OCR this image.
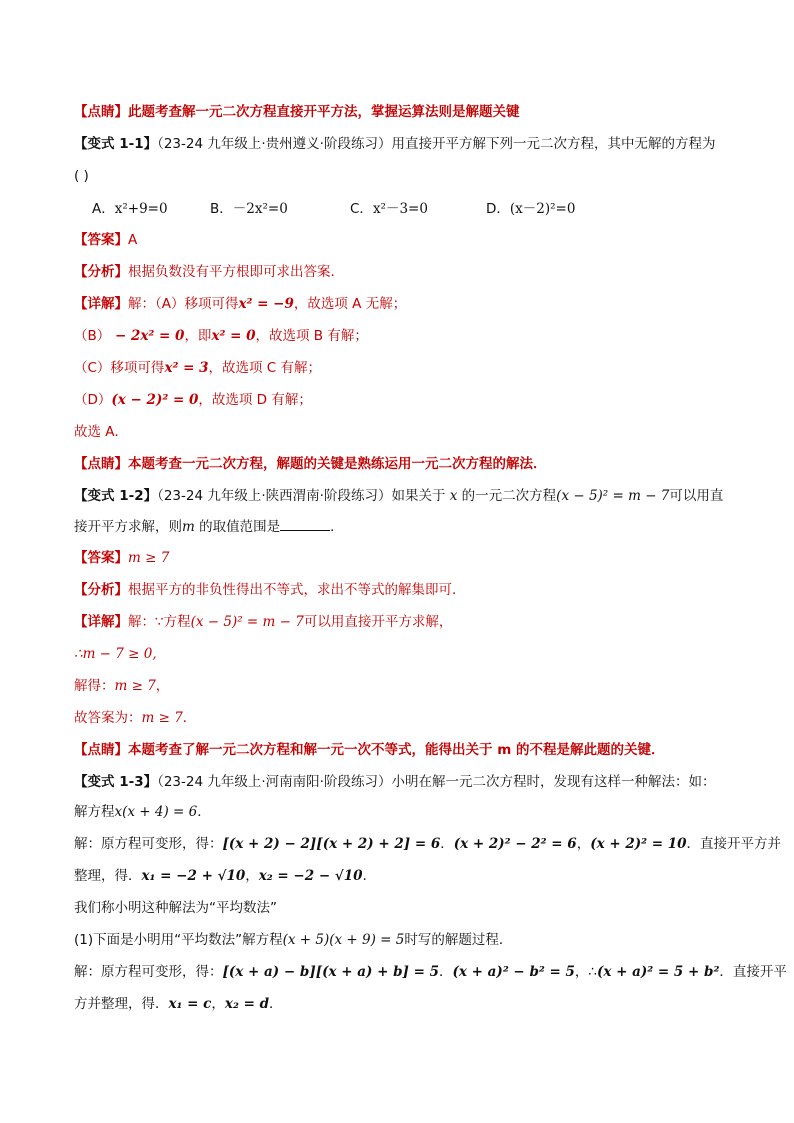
【点睛】此题考查解一元二次方程直接开平方法，掌握运算法则是解题关键
【变式 1-1】（23-24 九年级上·贵州遵义·阶段练习）用直接开平方解下列一元二次方程，其中无解的方程为
( )
A．x²+9=0	B．－2x²=0	C．x²－3=0	D．(x－2)²=0
【答案】A
【分析】根据负数没有平方根即可求出答案．
【详解】解：（A）移项可得x² = −9，故选项 A 无解；
（B） − 2x² = 0，即x² = 0，故选项 B 有解；
（C）移项可得x² = 3，故选项 C 有解；
（D）(x − 2)² = 0，故选项 D 有解；
故选 A．
【点睛】本题考查一元二次方程，解题的关键是熟练运用一元二次方程的解法．
【变式 1-2】（23-24 九年级上·陕西渭南·阶段练习）如果关于 x 的一元二次方程(x − 5)² = m − 7可以用直
接开平方求解，则m 的取值范围是	．
【答案】m ≥ 7
【分析】根据平方的非负性得出不等式，求出不等式的解集即可．
【详解】解：∵方程(x − 5)² = m − 7可以用直接开平方求解，
∴m − 7 ≥ 0,
解得：m ≥ 7，
故答案为：m ≥ 7．
【点睛】本题考查了解一元二次方程和解一元一次不等式，能得出关于 m 的不程是解此题的关键．
【变式 1-3】（23-24 九年级上·河南南阳·阶段练习）小明在解一元二次方程时，发现有这样一种解法：如：
解方程x(x + 4) = 6．
解：原方程可变形，得：[(x + 2) − 2][(x + 2) + 2] = 6．(x + 2)² − 2² = 6，(x + 2)² = 10．直接开平方并
整理，得．x₁ = −2 + √10，x₂ = −2 − √10.
我们称小明这种解法为“平均数法”
(1)下面是小明用“平均数法”解方程(x + 5)(x + 9) = 5时写的解题过程．
解：原方程可变形，得：[(x + a) − b][(x + a) + b] = 5．(x + a)² − b² = 5，∴(x + a)² = 5 + b²．直接开平
方并整理，得．x₁ = c，x₂ = d．
